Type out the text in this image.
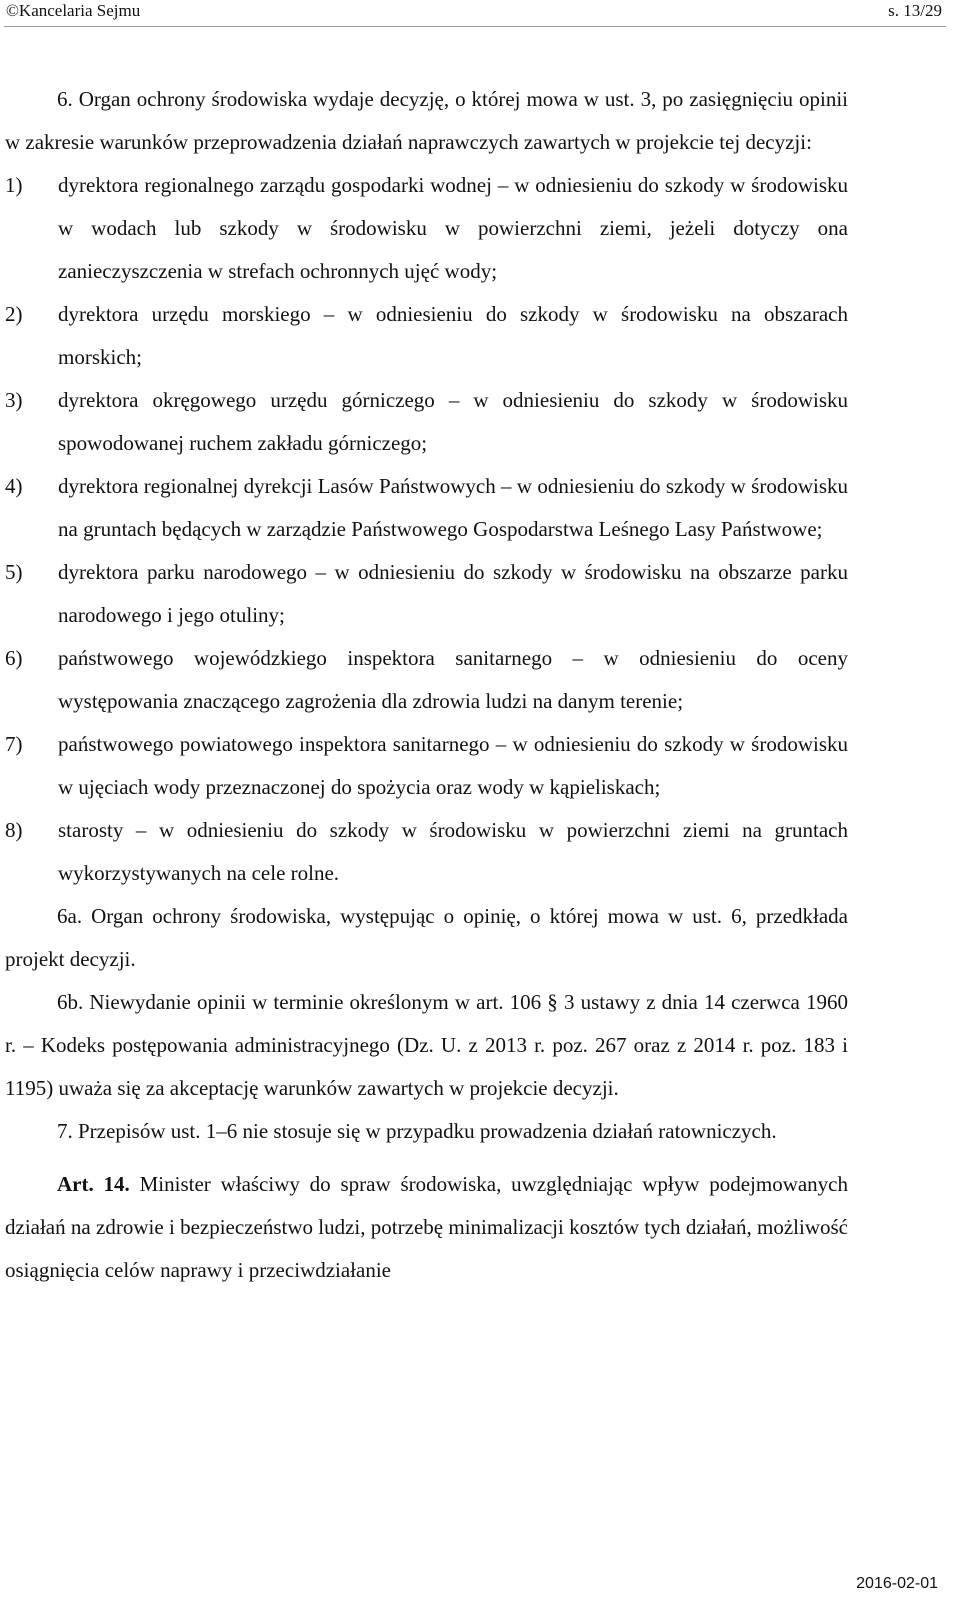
©Kancelaria Sejmu	s. 13/29

6. Organ ochrony środowiska wydaje decyzję, o której mowa w ust. 3, po zasięgnięciu opinii w zakresie warunków przeprowadzenia działań naprawczych zawartych w projekcie tej decyzji:

1)	dyrektora regionalnego zarządu gospodarki wodnej – w odniesieniu do szkody w środowisku w wodach lub szkody w środowisku w powierzchni ziemi, jeżeli dotyczy ona zanieczyszczenia w strefach ochronnych ujęć wody;

2)	dyrektora urzędu morskiego – w odniesieniu do szkody w środowisku na obszarach morskich;

3)	dyrektora okręgowego urzędu górniczego – w odniesieniu do szkody w środowisku spowodowanej ruchem zakładu górniczego;

4)	dyrektora regionalnej dyrekcji Lasów Państwowych – w odniesieniu do szkody w środowisku na gruntach będących w zarządzie Państwowego Gospodarstwa Leśnego Lasy Państwowe;

5)	dyrektora parku narodowego – w odniesieniu do szkody w środowisku na obszarze parku narodowego i jego otuliny;

6)	państwowego wojewódzkiego inspektora sanitarnego – w odniesieniu do oceny występowania znaczącego zagrożenia dla zdrowia ludzi na danym terenie;

7)	państwowego powiatowego inspektora sanitarnego – w odniesieniu do szkody w środowisku w ujęciach wody przeznaczonej do spożycia oraz wody w kąpieliskach;

8)	starosty – w odniesieniu do szkody w środowisku w powierzchni ziemi na gruntach wykorzystywanych na cele rolne.

6a. Organ ochrony środowiska, występując o opinię, o której mowa w ust. 6, przedkłada projekt decyzji.

6b. Niewydanie opinii w terminie określonym w art. 106 § 3 ustawy z dnia 14 czerwca 1960 r. – Kodeks postępowania administracyjnego (Dz. U. z 2013 r. poz. 267 oraz z 2014 r. poz. 183 i 1195) uważa się za akceptację warunków zawartych w projekcie decyzji.

7. Przepisów ust. 1–6 nie stosuje się w przypadku prowadzenia działań ratowniczych.

Art. 14. Minister właściwy do spraw środowiska, uwzględniając wpływ podejmowanych działań na zdrowie i bezpieczeństwo ludzi, potrzebę minimalizacji kosztów tych działań, możliwość osiągnięcia celów naprawy i przeciwdziałanie

2016-02-01
